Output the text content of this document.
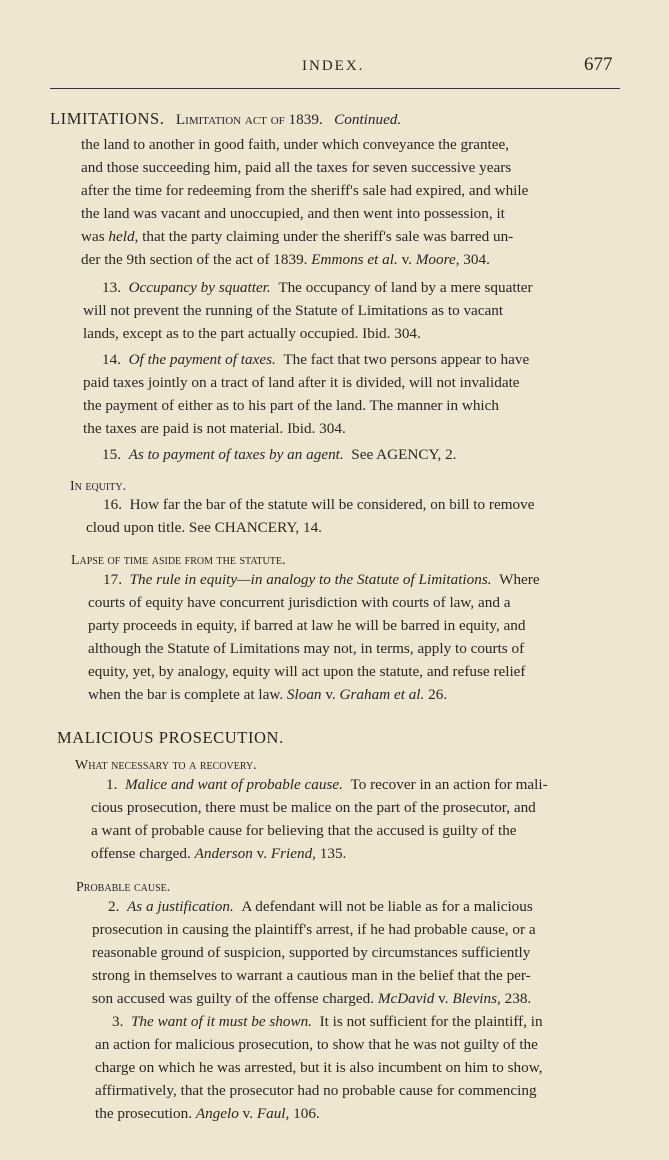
INDEX.	677
LIMITATIONS. Limitation act of 1839. Continued.
the land to another in good faith, under which conveyance the grantee,
and those succeeding him, paid all the taxes for seven successive years
after the time for redeeming from the sheriff's sale had expired, and while
the land was vacant and unoccupied, and then went into possession, it
was held, that the party claiming under the sheriff's sale was barred un-
der the 9th section of the act of 1839. Emmons et al. v. Moore, 304.
13. Occupancy by squatter. The occupancy of land by a mere squatter
will not prevent the running of the Statute of Limitations as to vacant
lands, except as to the part actually occupied. Ibid. 304.
14. Of the payment of taxes. The fact that two persons appear to have
paid taxes jointly on a tract of land after it is divided, will not invalidate
the payment of either as to his part of the land. The manner in which
the taxes are paid is not material. Ibid. 304.
15. As to payment of taxes by an agent. See AGENCY, 2.
In equity.
16. How far the bar of the statute will be considered, on bill to remove
cloud upon title. See CHANCERY, 14.
Lapse of time aside from the statute.
17. The rule in equity—in analogy to the Statute of Limitations. Where
courts of equity have concurrent jurisdiction with courts of law, and a
party proceeds in equity, if barred at law he will be barred in equity, and
although the Statute of Limitations may not, in terms, apply to courts of
equity, yet, by analogy, equity will act upon the statute, and refuse relief
when the bar is complete at law. Sloan v. Graham et al. 26.
MALICIOUS PROSECUTION.
What necessary to a recovery.
1. Malice and want of probable cause. To recover in an action for mali-
cious prosecution, there must be malice on the part of the prosecutor, and
a want of probable cause for believing that the accused is guilty of the
offense charged. Anderson v. Friend, 135.
Probable cause.
2. As a justification. A defendant will not be liable as for a malicious
prosecution in causing the plaintiff's arrest, if he had probable cause, or a
reasonable ground of suspicion, supported by circumstances sufficiently
strong in themselves to warrant a cautious man in the belief that the per-
son accused was guilty of the offense charged. McDavid v. Blevins, 238.
3. The want of it must be shown. It is not sufficient for the plaintiff, in
an action for malicious prosecution, to show that he was not guilty of the
charge on which he was arrested, but it is also incumbent on him to show,
affirmatively, that the prosecutor had no probable cause for commencing
the prosecution. Angelo v. Faul, 106.
